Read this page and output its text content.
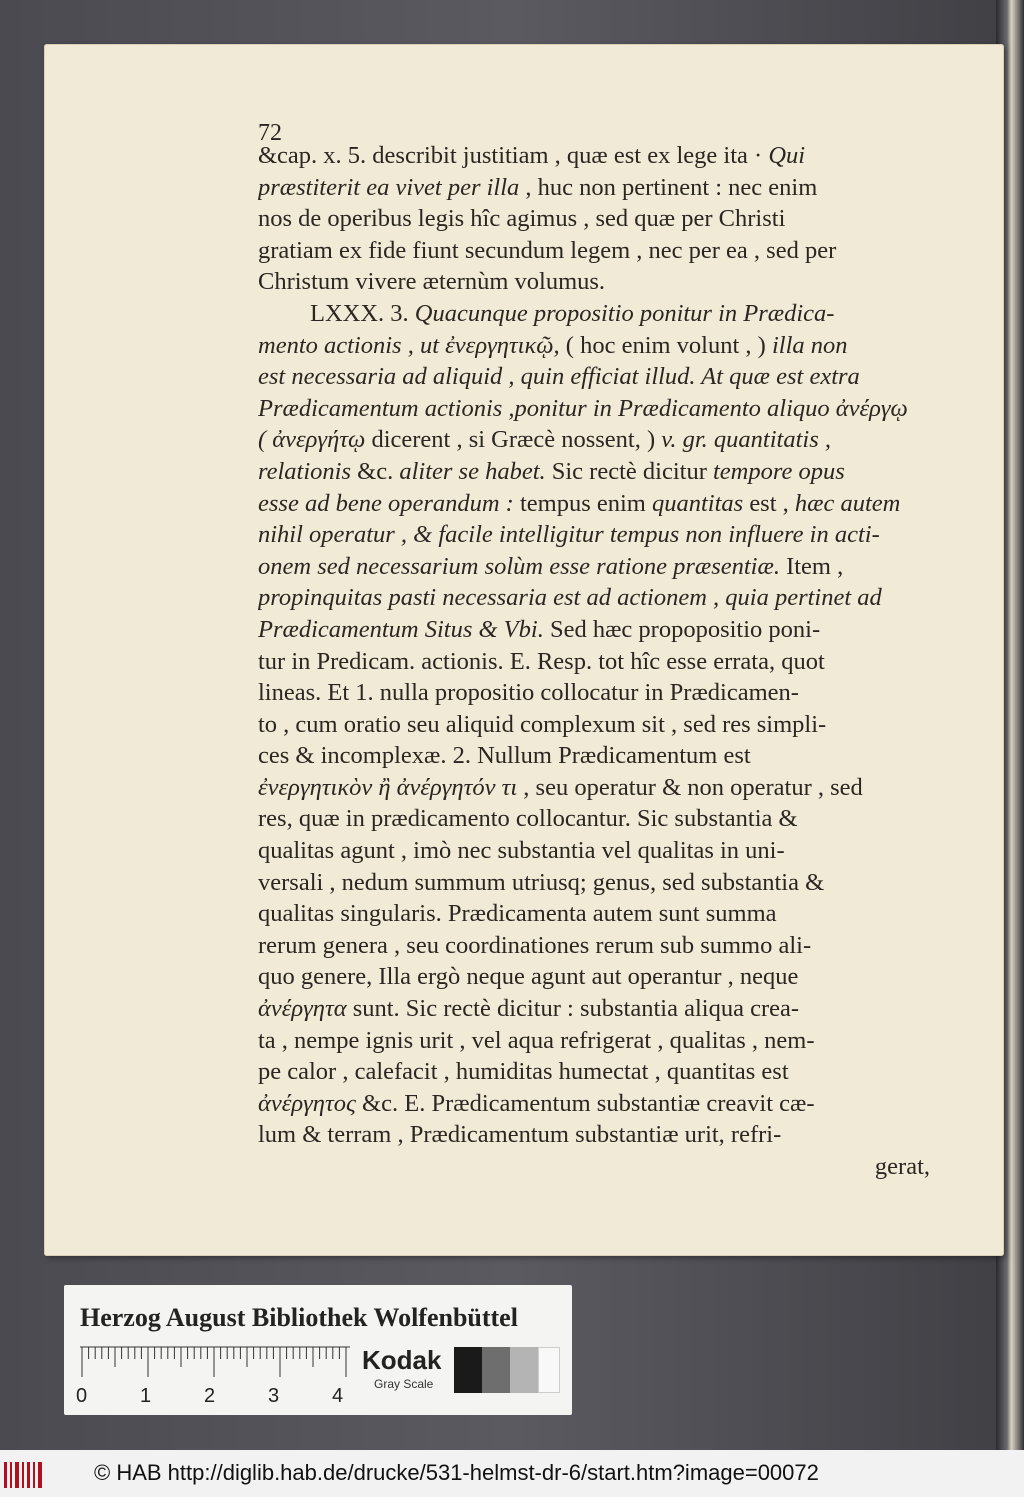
72
&cap. x. 5. describit justitiam , quæ est ex lege ita · Qui
præstiterit ea vivet per illa , huc non pertinent : nec enim
nos de operibus legis hîc agimus , sed quæ per Christi
gratiam ex fide fiunt secundum legem , nec per ea , sed per
Christum vivere æternùm volumus.
LXXX. 3. Quacunque propositio ponitur in Prædica-
mento actionis , ut ἐνεργητικῷ, ( hoc enim volunt , ) illa non
est necessaria ad aliquid , quin efficiat illud. At quæ est extra
Prædicamentum actionis ,ponitur in Prædicamento aliquo ἀνέργῳ
( ἀνεργήτῳ dicerent , si Græcè nossent, ) v. gr. quantitatis ,
relationis &c. aliter se habet. Sic rectè dicitur tempore opus
esse ad bene operandum : tempus enim quantitas est , hæc autem
nihil operatur , & facile intelligitur tempus non influere in acti-
onem sed necessarium solùm esse ratione præsentiæ. Item ,
propinquitas pasti necessaria est ad actionem , quia pertinet ad
Prædicamentum Situs & Vbi. Sed hæc propopositio poni-
tur in Predicam. actionis. E. Resp. tot hîc esse errata, quot
lineas. Et 1. nulla propositio collocatur in Prædicamen-
to , cum oratio seu aliquid complexum sit , sed res simpli-
ces & incomplexæ. 2. Nullum Prædicamentum est
ἐνεργητικὸν ἢ ἀνέργητόν τι , seu operatur & non operatur , sed
res, quæ in prædicamento collocantur. Sic substantia &
qualitas agunt , imò nec substantia vel qualitas in uni-
versali , nedum summum utriusq; genus, sed substantia &
qualitas singularis. Prædicamenta autem sunt summa
rerum genera , seu coordinationes rerum sub summo ali-
quo genere, Illa ergò neque agunt aut operantur , neque
ἀνέργητα sunt. Sic rectè dicitur : substantia aliqua crea-
ta , nempe ignis urit , vel aqua refrigerat , qualitas , nem-
pe calor , calefacit , humiditas humectat , quantitas est
ἀνέργητος &c. E. Prædicamentum substantiæ creavit cæ-
lum & terram , Prædicamentum substantiæ urit, refri-
gerat,
Herzog August Bibliothek Wolfenbüttel
0	1	2	3	4
Kodak
Gray Scale
© HAB http://diglib.hab.de/drucke/531-helmst-dr-6/start.htm?image=00072
